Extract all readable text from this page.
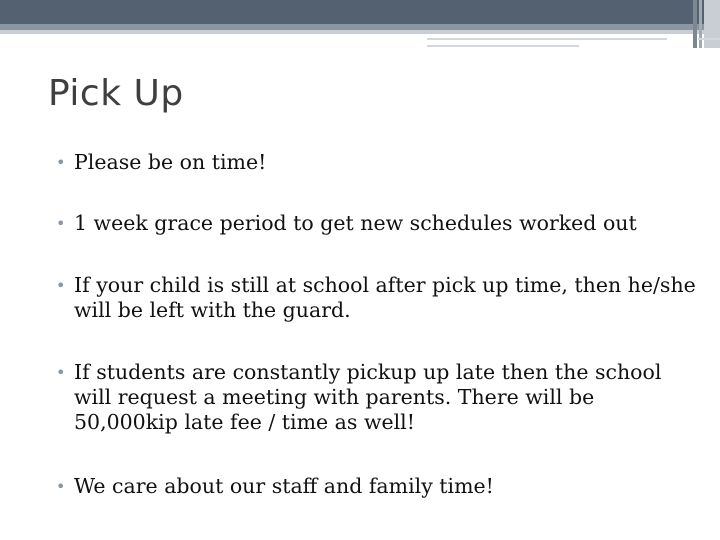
Pick Up
• Please be on time!
• 1 week grace period to get new schedules worked out
• If your child is still at school after pick up time, then he/she will be left with the guard.
• If students are constantly pickup up late then the school will request a meeting with parents. There will be 50,000kip late fee / time as well!
• We care about our staff and family time!
